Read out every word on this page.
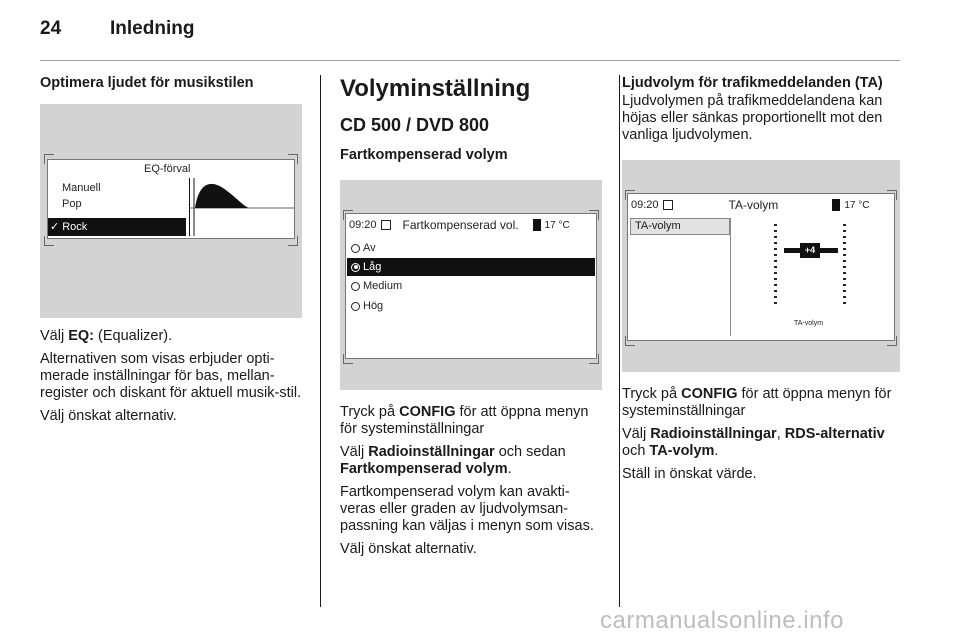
24	Inledning
Optimera ljudet för musikstilen
EQ-förval
Manuell
Pop
✓ Rock
Välj EQ: (Equalizer).
Alternativen som visas erbjuder opti-merade inställningar för bas, mellan-register och diskant för aktuell musik-stil.
Välj önskat alternativ.
Volyminställning
CD 500 / DVD 800
Fartkompenserad volym
09:20 Fartkompenserad vol.	17 °C
Av
Låg
Medium
Hög
Tryck på CONFIG för att öppna menyn för systeminställningar
Välj Radioinställningar och sedan Fartkompenserad volym.
Fartkompenserad volym kan avakti-veras eller graden av ljudvolymsan-passning kan väljas i menyn som visas.
Välj önskat alternativ.
Ljudvolym för trafikmeddelanden (TA)
Ljudvolymen på trafikmeddelandena kan höjas eller sänkas proportionellt mot den vanliga ljudvolymen.
09:20	TA-volym	17 °C
TA-volym
+4
TA-volym
Tryck på CONFIG för att öppna menyn för systeminställningar
Välj Radioinställningar, RDS-alternativ och TA-volym.
Ställ in önskat värde.
carmanualsonline.info
